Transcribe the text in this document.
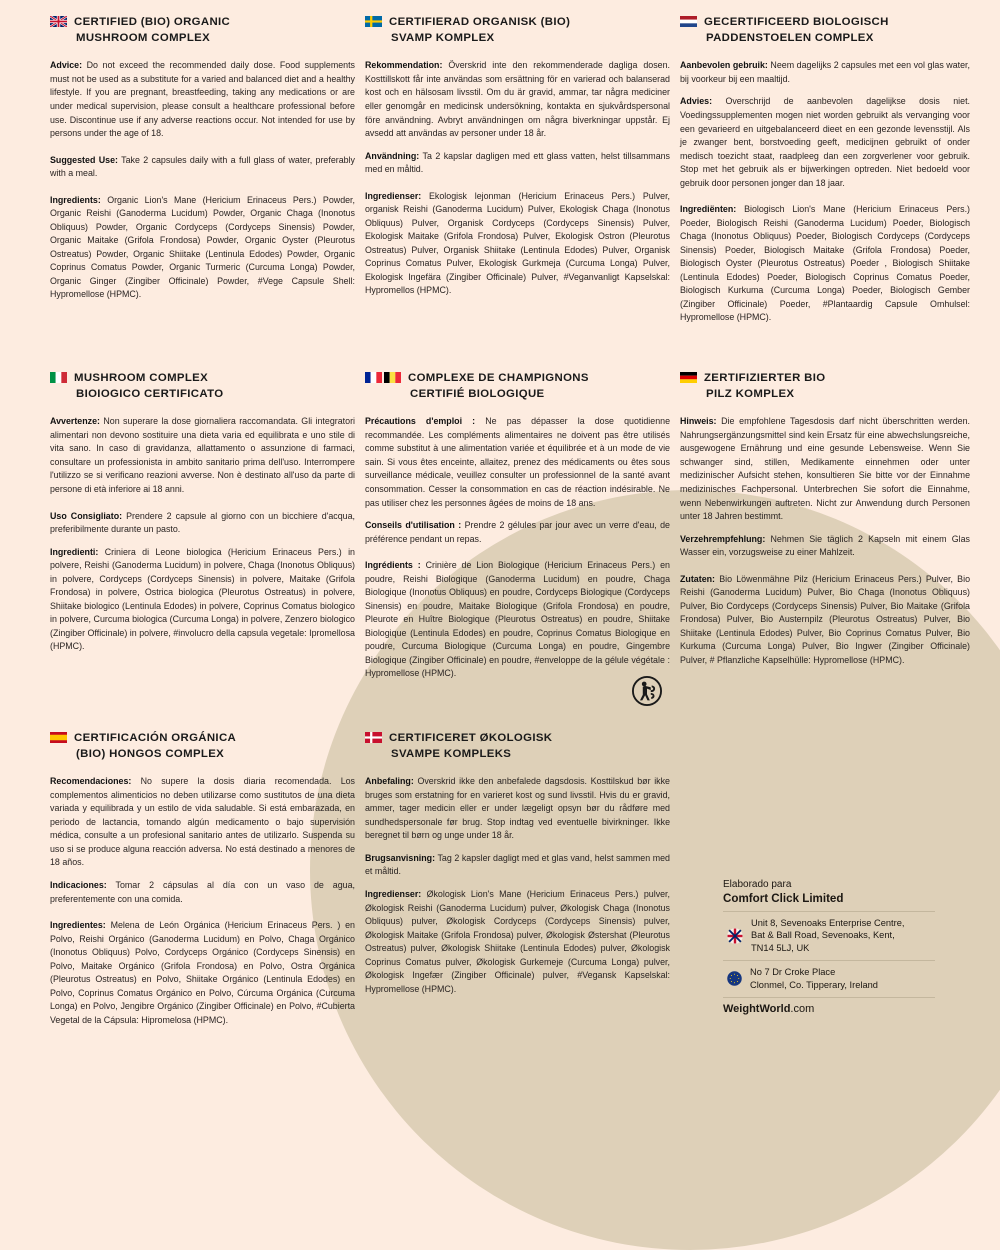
CERTIFIED (BIO) ORGANIC
MUSHROOM COMPLEX

Advice: Do not exceed the recommended daily dose. Food supplements must not be used as a substitute for a varied and balanced diet and a healthy lifestyle. If you are pregnant, breastfeeding, taking any medications or are under medical supervision, please consult a healthcare professional before use. Discontinue use if any adverse reactions occur. Not intended for use by persons under the age of 18.

Suggested Use: Take 2 capsules daily with a full glass of water, preferably with a meal.

Ingredients: Organic Lion's Mane (Hericium Erinaceus Pers.) Powder, Organic Reishi (Ganoderma Lucidum) Powder, Organic Chaga (Inonotus Obliquus) Powder, Organic Cordyceps (Cordyceps Sinensis) Powder, Organic Maitake (Grifola Frondosa) Powder, Organic Oyster (Pleurotus Ostreatus) Powder, Organic Shiitake (Lentinula Edodes) Powder, Organic Coprinus Comatus Powder, Organic Turmeric (Curcuma Longa) Powder, Organic Ginger (Zingiber Officinale) Powder, #Vege Capsule Shell: Hypromellose (HPMC).

CERTIFIERAD ORGANISK (BIO)
SVAMP KOMPLEX

Rekommendation: Överskrid inte den rekommenderade dagliga dosen. Kosttillskott får inte användas som ersättning för en varierad och balanserad kost och en hälsosam livsstil. Om du är gravid, ammar, tar några mediciner eller genomgår en medicinsk undersökning, kontakta en sjukvårdspersonal före användning. Avbryt användningen om några biverkningar uppstår. Ej avsedd att användas av personer under 18 år.

Användning: Ta 2 kapslar dagligen med ett glass vatten, helst tillsammans med en måltid.

Ingredienser: Ekologisk lejonman (Hericium Erinaceus Pers.) Pulver, organisk Reishi (Ganoderma Lucidum) Pulver, Ekologisk Chaga (Inonotus Obliquus) Pulver, Organisk Cordyceps (Cordyceps Sinensis) Pulver, Ekologisk Maitake (Grifola Frondosa) Pulver, Ekologisk Ostron (Pleurotus Ostreatus) Pulver, Organisk Shiitake (Lentinula Edodes) Pulver, Organisk Coprinus Comatus Pulver, Ekologisk Gurkmeja (Curcuma Longa) Pulver, Ekologisk Ingefära (Zingiber Officinale) Pulver, #Veganvanligt Kapselskal: Hypromellos (HPMC).

GECERTIFICEERD BIOLOGISCH
PADDENSTOELEN COMPLEX

Aanbevolen gebruik: Neem dagelijks 2 capsules met een vol glas water, bij voorkeur bij een maaltijd.

Advies: Overschrijd de aanbevolen dagelijkse dosis niet. Voedingssupplementen mogen niet worden gebruikt als vervanging voor een gevarieerd en uitgebalanceerd dieet en een gezonde levensstijl. Als je zwanger bent, borstvoeding geeft, medicijnen gebruikt of onder medisch toezicht staat, raadpleeg dan een zorgverlener voor gebruik. Stop met het gebruik als er bijwerkingen optreden. Niet bedoeld voor gebruik door personen jonger dan 18 jaar.

Ingrediënten: Biologisch Lion's Mane (Hericium Erinaceus Pers.) Poeder, Biologisch Reishi (Ganoderma Lucidum) Poeder, Biologisch Chaga (Inonotus Obliquus) Poeder, Biologisch Cordyceps (Cordyceps Sinensis) Poeder, Biologisch Maitake (Grifola Frondosa) Poeder, Biologisch Oyster (Pleurotus Ostreatus) Poeder , Biologisch Shiitake (Lentinula Edodes) Poeder, Biologisch Coprinus Comatus Poeder, Biologisch Kurkuma (Curcuma Longa) Poeder, Biologisch Gember (Zingiber Officinale) Poeder, #Plantaardig Capsule Omhulsel: Hypromellose (HPMC).

MUSHROOM COMPLEX
BIOIOGICO CERTIFICATO

Avvertenze: Non superare la dose giornaliera raccomandata. Gli integratori alimentari non devono sostituire una dieta varia ed equilibrata e uno stile di vita sano. In caso di gravidanza, allattamento o assunzione di farmaci, consultare un professionista in ambito sanitario prima dell'uso. Interrompere l'utilizzo se si verificano reazioni avverse. Non è destinato all'uso da parte di persone di età inferiore ai 18 anni.

Uso Consigliato: Prendere 2 capsule al giorno con un bicchiere d'acqua, preferibilmente durante un pasto.

Ingredienti: Criniera di Leone biologica (Hericium Erinaceus Pers.) in polvere, Reishi (Ganoderma Lucidum) in polvere, Chaga (Inonotus Obliquus) in polvere, Cordyceps (Cordyceps Sinensis) in polvere, Maitake (Grifola Frondosa) in polvere, Ostrica biologica (Pleurotus Ostreatus) in polvere, Shiitake biologico (Lentinula Edodes) in polvere, Coprinus Comatus biologico in polvere, Curcuma biologica (Curcuma Longa) in polvere, Zenzero biologico (Zingiber Officinale) in polvere, #involucro della capsula vegetale: Ipromellosa (HPMC).

COMPLEXE DE CHAMPIGNONS
CERTIFIÉ BIOLOGIQUE

Précautions d'emploi : Ne pas dépasser la dose quotidienne recommandée. Les compléments alimentaires ne doivent pas être utilisés comme substitut à une alimentation variée et équilibrée et à un mode de vie sain. Si vous êtes enceinte, allaitez, prenez des médicaments ou êtes sous surveillance médicale, veuillez consulter un professionnel de la santé avant consommation. Cesser la consommation en cas de réaction indésirable. Ne pas utiliser chez les personnes âgées de moins de 18 ans.

Conseils d'utilisation : Prendre 2 gélules par jour avec un verre d'eau, de préférence pendant un repas.

Ingrédients : Crinière de Lion Biologique (Hericium Erinaceus Pers.) en poudre, Reishi Biologique (Ganoderma Lucidum) en poudre, Chaga Biologique (Inonotus Obliquus) en poudre, Cordyceps Biologique (Cordyceps Sinensis) en poudre, Maitake Biologique (Grifola Frondosa) en poudre, Pleurote en Huître Biologique (Pleurotus Ostreatus) en poudre, Shiitake Biologique (Lentinula Edodes) en poudre, Coprinus Comatus Biologique en poudre, Curcuma Biologique (Curcuma Longa) en poudre, Gingembre Biologique (Zingiber Officinale) en poudre, #enveloppe de la gélule végétale : Hypromellose (HPMC).

ZERTIFIZIERTER BIO
PILZ KOMPLEX

Hinweis: Die empfohlene Tagesdosis darf nicht überschritten werden. Nahrungsergänzungsmittel sind kein Ersatz für eine abwechslungsreiche, ausgewogene Ernährung und eine gesunde Lebensweise. Wenn Sie schwanger sind, stillen, Medikamente einnehmen oder unter medizinischer Aufsicht stehen, konsultieren Sie bitte vor der Einnahme medizinisches Fachpersonal. Unterbrechen Sie sofort die Einnahme, wenn Nebenwirkungen auftreten. Nicht zur Anwendung durch Personen unter 18 Jahren bestimmt.

Verzehrempfehlung: Nehmen Sie täglich 2 Kapseln mit einem Glas Wasser ein, vorzugsweise zu einer Mahlzeit.

Zutaten: Bio Löwenmähne Pilz (Hericium Erinaceus Pers.) Pulver, Bio Reishi (Ganoderma Lucidum) Pulver, Bio Chaga (Inonotus Obliquus) Pulver, Bio Cordyceps (Cordyceps Sinensis) Pulver, Bio Maitake (Grifola Frondosa) Pulver, Bio Austernpilz (Pleurotus Ostreatus) Pulver, Bio Shiitake (Lentinula Edodes) Pulver, Bio Coprinus Comatus Pulver, Bio Kurkuma (Curcuma Longa) Pulver, Bio Ingwer (Zingiber Officinale) Pulver, # Pflanzliche Kapselhülle: Hypromellose (HPMC).

CERTIFICACIÓN ORGÁNICA
(BIO) HONGOS COMPLEX

Recomendaciones: No supere la dosis diaria recomendada. Los complementos alimenticios no deben utilizarse como sustitutos de una dieta variada y equilibrada y un estilo de vida saludable. Si está embarazada, en periodo de lactancia, tomando algún medicamento o bajo supervisión médica, consulte a un profesional sanitario antes de utilizarlo. Suspenda su uso si se produce alguna reacción adversa. No está destinado a menores de 18 años.

Indicaciones: Tomar 2 cápsulas al día con un vaso de agua, preferentemente con una comida.

Ingredientes: Melena de León Orgánica (Hericium Erinaceus Pers. ) en Polvo, Reishi Orgánico (Ganoderma Lucidum) en Polvo, Chaga Orgánico (Inonotus Obliquus) Polvo, Cordyceps Orgánico (Cordyceps Sinensis) en Polvo, Maitake Orgánico (Grifola Frondosa) en Polvo, Ostra Orgánica (Pleurotus Ostreatus) en Polvo, Shiitake Orgánico (Lentinula Edodes) en Polvo, Coprinus Comatus Orgánico en Polvo, Cúrcuma Orgánica (Curcuma Longa) en Polvo, Jengibre Orgánico (Zingiber Officinale) en Polvo, #Cubierta Vegetal de la Cápsula: Hipromelosa (HPMC).

CERTIFICERET ØKOLOGISK
SVAMPE KOMPLEKS

Anbefaling: Overskrid ikke den anbefalede dagsdosis. Kosttilskud bør ikke bruges som erstatning for en varieret kost og sund livsstil. Hvis du er gravid, ammer, tager medicin eller er under lægeligt opsyn bør du rådføre med sundhedspersonale før brug. Stop indtag ved eventuelle bivirkninger. Ikke beregnet til børn og unge under 18 år.

Brugsanvisning: Tag 2 kapsler dagligt med et glas vand, helst sammen med et måltid.

Ingredienser: Økologisk Lion's Mane (Hericium Erinaceus Pers.) pulver, Økologisk Reishi (Ganoderma Lucidum) pulver, Økologisk Chaga (Inonotus Obliquus) pulver, Økologisk Cordyceps (Cordyceps Sinensis) pulver, Økologisk Maitake (Grifola Frondosa) pulver, Økologisk Østershat (Pleurotus Ostreatus) pulver, Økologisk Shiitake (Lentinula Edodes) pulver, Økologisk Coprinus Comatus pulver, Økologisk Gurkemeje (Curcuma Longa) pulver, Økologisk Ingefær (Zingiber Officinale) pulver, #Vegansk Kapselskal: Hypromellose (HPMC).

Elaborado para
Comfort Click Limited
Unit 8, Sevenoaks Enterprise Centre,
Bat & Ball Road, Sevenoaks, Kent,
TN14 5LJ, UK
No 7 Dr Croke Place
Clonmel, Co. Tipperary, Ireland
WeightWorld.com
